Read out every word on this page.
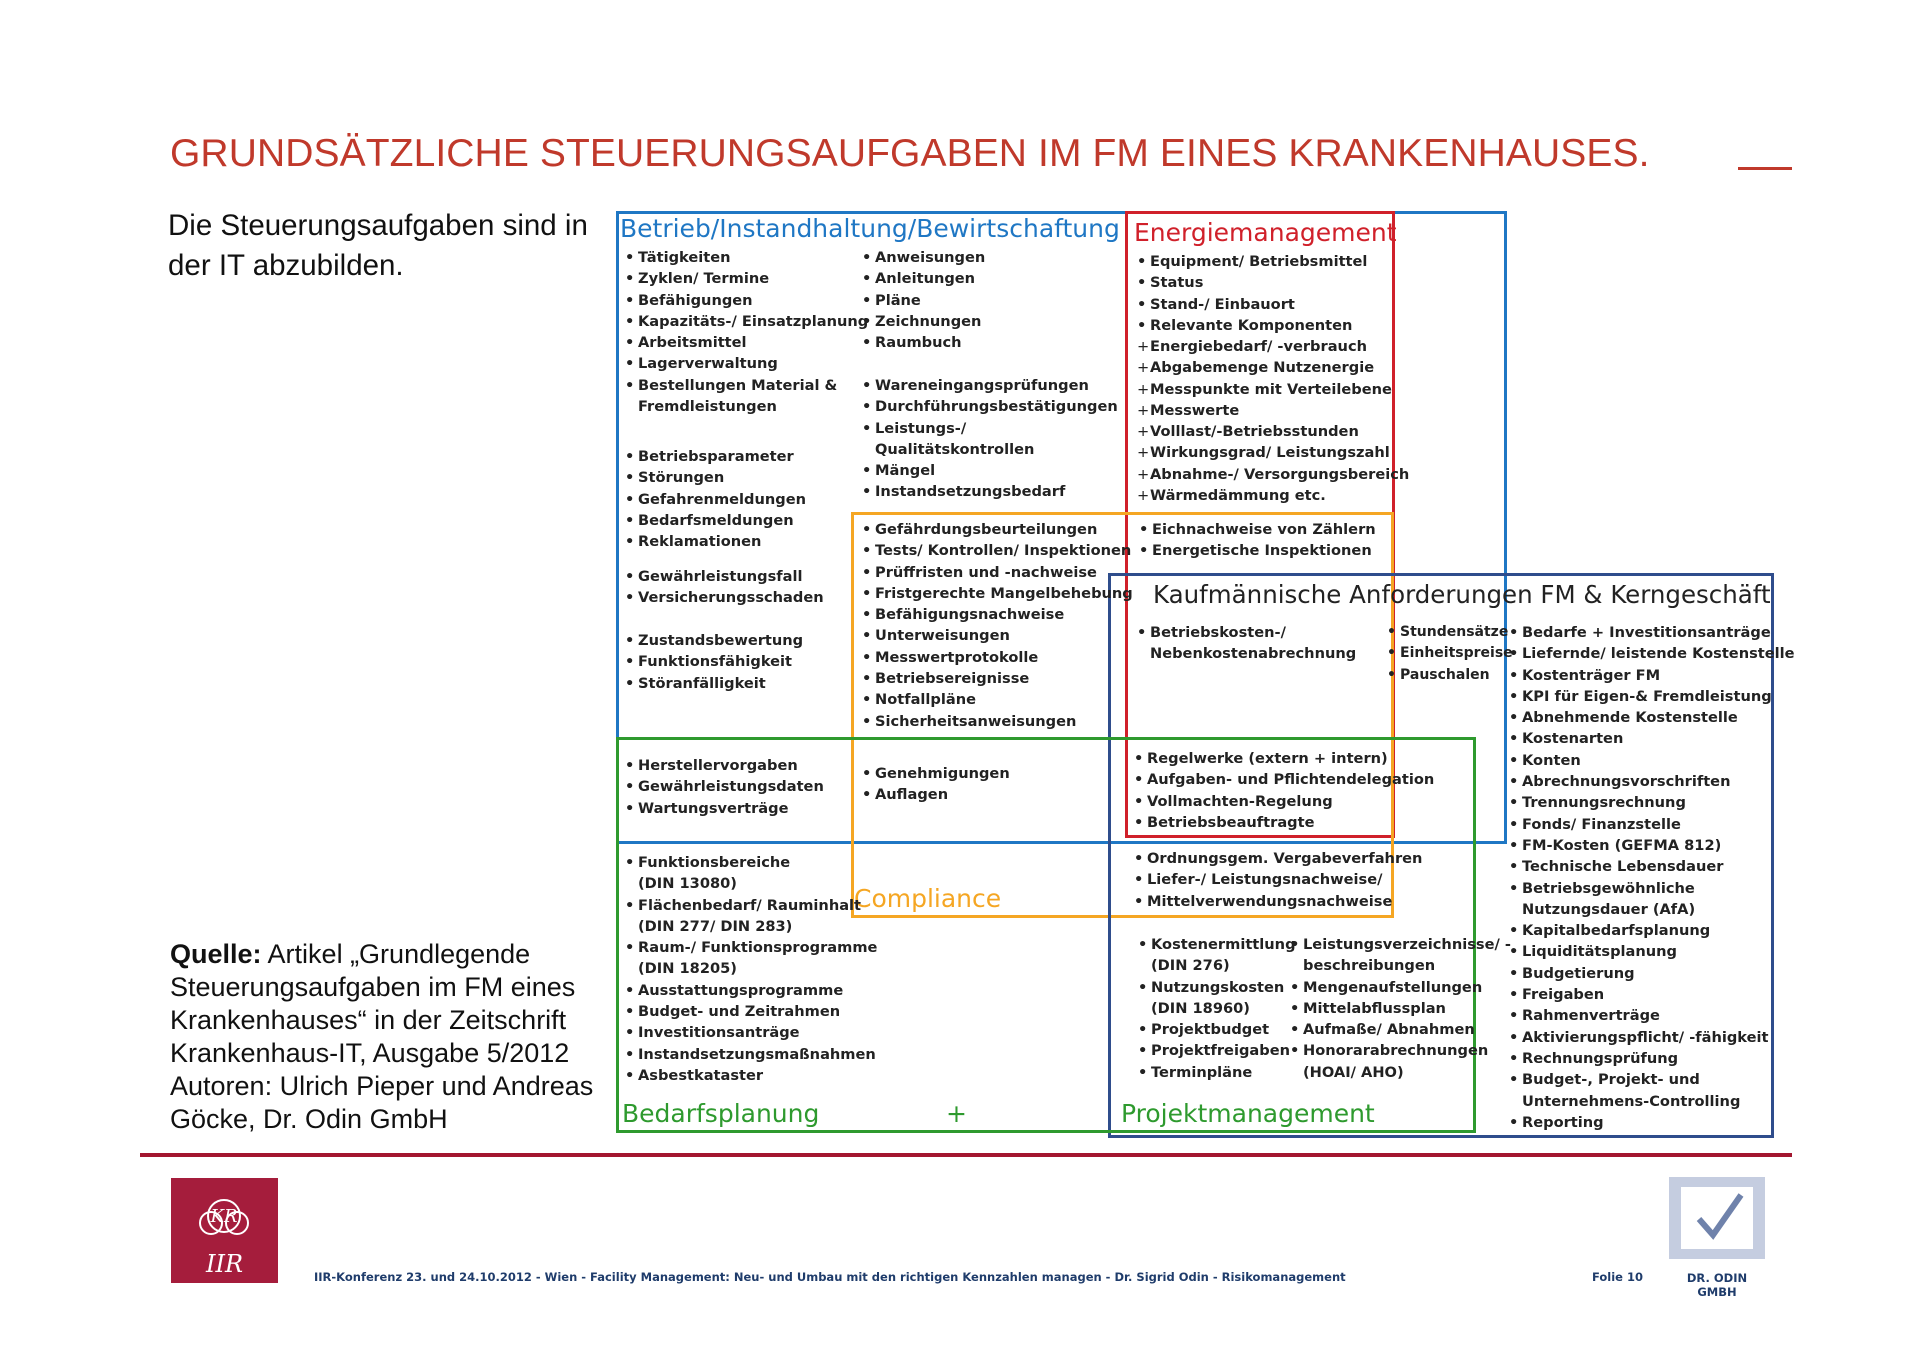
GRUNDSÄTZLICHE STEUERUNGSAUFGABEN IM FM EINES KRANKENHAUSES.
Die Steuerungsaufgaben sind in der IT abzubilden.
Quelle: Artikel „Grundlegende Steuerungsaufgaben im FM eines Krankenhauses“ in der Zeitschrift Krankenhaus-IT, Ausgabe 5/2012 Autoren: Ulrich Pieper und Andreas Göcke, Dr. Odin GmbH
Betrieb/Instandhaltung/Bewirtschaftung Energiemanagement
Kaufmännische Anforderungen FM & Kerngeschäft
Compliance
Bedarfsplanung	+	Projektmanagement
• Tätigkeiten
• Zyklen/ Termine
• Befähigungen
• Kapazitäts-/ Einsatzplanung
• Arbeitsmittel
• Lagerverwaltung
• Bestellungen Material &
Fremdleistungen
• Betriebsparameter
• Störungen
• Gefahrenmeldungen
• Bedarfsmeldungen
• Reklamationen
• Gewährleistungsfall
• Versicherungsschaden
• Zustandsbewertung
• Funktionsfähigkeit
• Störanfälligkeit
• Anweisungen
• Anleitungen
• Pläne
• Zeichnungen
• Raumbuch
• Wareneingangsprüfungen
• Durchführungsbestätigungen
• Leistungs-/
Qualitätskontrollen
• Mängel
• Instandsetzungsbedarf
• Equipment/ Betriebsmittel
• Status
• Stand-/ Einbauort
• Relevante Komponenten
+ Energiebedarf/ -verbrauch
+ Abgabemenge Nutzenergie
+ Messpunkte mit Verteilebene
+ Messwerte
+ Volllast/-Betriebsstunden
+ Wirkungsgrad/ Leistungszahl
+ Abnahme-/ Versorgungsbereich
+ Wärmedämmung etc.
• Gefährdungsbeurteilungen
• Tests/ Kontrollen/ Inspektionen
• Prüffristen und -nachweise
• Fristgerechte Mangelbehebung
• Befähigungsnachweise
• Unterweisungen
• Messwertprotokolle
• Betriebsereignisse
• Notfallpläne
• Sicherheitsanweisungen
• Eichnachweise von Zählern
• Energetische Inspektionen
• Betriebskosten-/
Nebenkostenabrechnung
• Stundensätze
• Einheitspreise
• Pauschalen
• Bedarfe + Investitionsanträge
• Liefernde/ leistende Kostenstelle
• Kostenträger FM
• KPI für Eigen-& Fremdleistung
• Abnehmende Kostenstelle
• Kostenarten
• Konten
• Abrechnungsvorschriften
• Trennungsrechnung
• Fonds/ Finanzstelle
• FM-Kosten (GEFMA 812)
• Technische Lebensdauer
• Betriebsgewöhnliche
Nutzungsdauer (AfA)
• Kapitalbedarfsplanung
• Liquiditätsplanung
• Budgetierung
• Freigaben
• Rahmenverträge
• Aktivierungspflicht/ -fähigkeit
• Rechnungsprüfung
• Budget-, Projekt- und
Unternehmens-Controlling
• Reporting
• Herstellervorgaben
• Gewährleistungsdaten
• Wartungsverträge
• Genehmigungen
• Auflagen
• Regelwerke (extern + intern)
• Aufgaben- und Pflichtendelegation
• Vollmachten-Regelung
• Betriebsbeauftragte
• Ordnungsgem. Vergabeverfahren
• Liefer-/ Leistungsnachweise/
• Mittelverwendungsnachweise
• Funktionsbereiche
(DIN 13080)
• Flächenbedarf/ Rauminhalt
(DIN 277/ DIN 283)
• Raum-/ Funktionsprogramme
(DIN 18205)
• Ausstattungsprogramme
• Budget- und Zeitrahmen
• Investitionsanträge
• Instandsetzungsmaßnahmen
• Asbestkataster
• Kostenermittlung
(DIN 276)
• Nutzungskosten
(DIN 18960)
• Projektbudget
• Projektfreigaben
• Terminpläne
• Leistungsverzeichnisse/ -
beschreibungen
• Mengenaufstellungen
• Mittelabflussplan
• Aufmaße/ Abnahmen
• Honorarabrechnungen
(HOAI/ AHO)
KR
IIR	IIR-Konferenz 23. und 24.10.2012 - Wien - Facility Management: Neu- und Umbau mit den richtigen Kennzahlen managen - Dr. Sigrid Odin - Risikomanagement	Folie 10	DR. ODIN GMBH
